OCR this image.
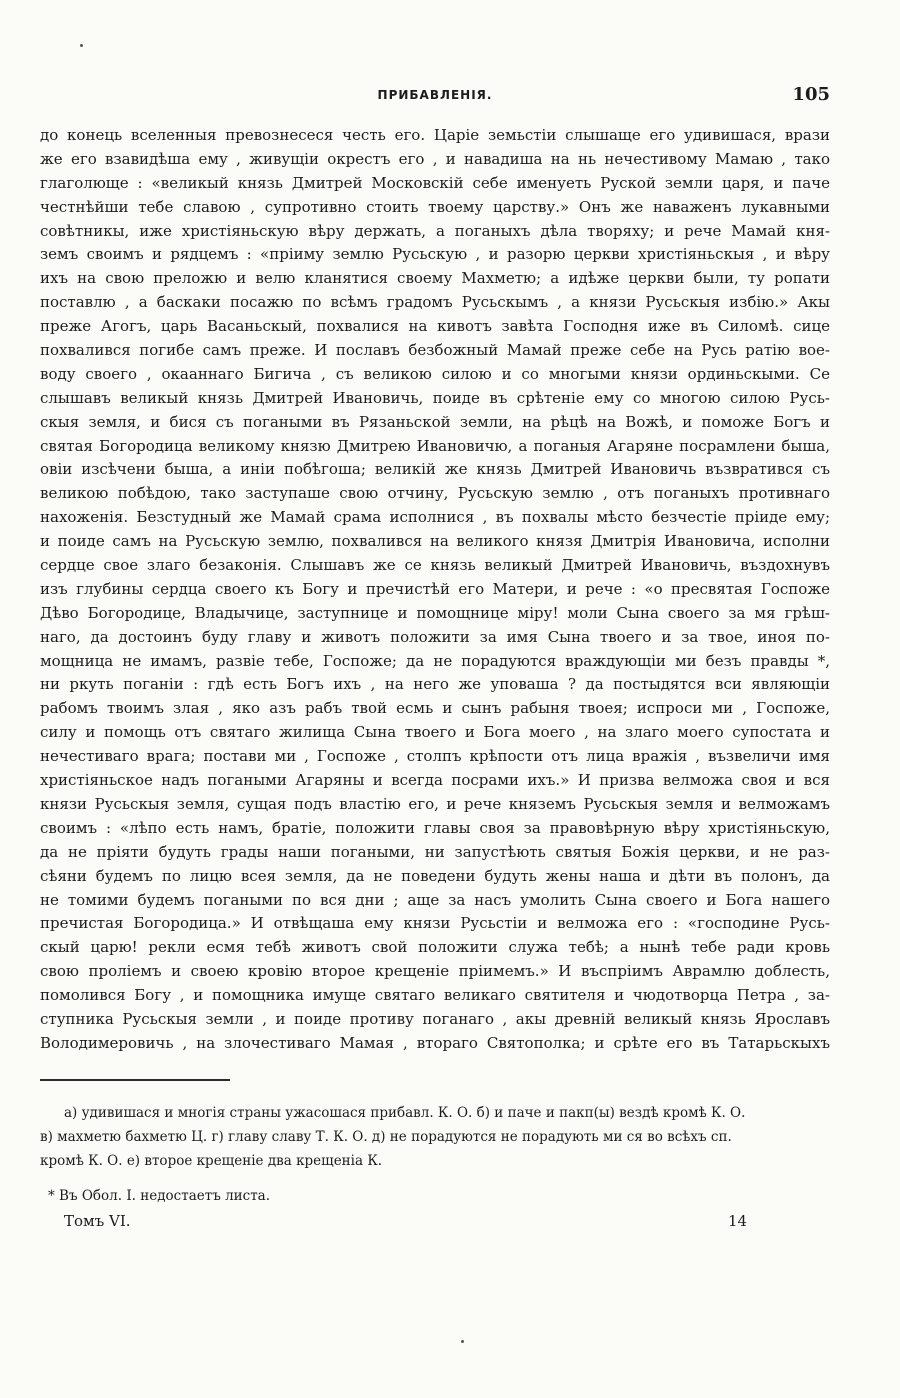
ПРИБАВЛЕНІЯ.	105
до конець вселенныя превознесеся честь его. Царіе земьстіи слышаще его удивишася, врази
же его взавидѣша ему , живущіи окрестъ его , и навадиша на нь нечестивому Мамаю , тако
глаголюще : «великый князь Дмитрей Московскій себе именуеть Руской земли царя, и паче
честнѣйши тебе славою , супротивно стоить твоему царству.» Онъ же наваженъ лукавными
совѣтникы, иже христіяньскую вѣру держать, а поганыхъ дѣла творяху; и рече Мамай кня-
земъ своимъ и рядцемъ : «пріиму землю Русьскую , и разорю церкви христіяньскыя , и вѣру
ихъ на свою преложю и велю кланятися своему Махметю; а идѣже церкви были, ту ропати
поставлю , а баскаки посажю по всѣмъ градомъ Русьскымъ , а князи Русьскыя избію.» Акы
преже Агогъ, царь Васаньскый, похвалися на кивотъ завѣта Господня иже въ Силомѣ. сице
похвалився погибе самъ преже. И пославъ безбожный Мамай преже себе на Русь ратію вое-
воду своего , окааннаго Бигича , съ великою силою и со многыми князи ординьскыми. Се
слышавъ великый князь Дмитрей Ивановичь, поиде въ срѣтеніе ему со многою силою Русь-
скыя земля, и бися съ погаными въ Рязаньской земли, на рѣцѣ на Вожѣ, и поможе Богъ и
святая Богородица великому князю Дмитрею Ивановичю, а поганыя Агаряне посрамлени быша,
овіи изсѣчени быша, а иніи побѣгоша; великій же князь Дмитрей Ивановичь възвратився съ
великою побѣдою, тако заступаше свою отчину, Русьскую землю , отъ поганыхъ противнаго
нахоженія. Безстудный же Мамай срама исполнися , въ похвалы мѣсто безчестіе пріиде ему;
и поиде самъ на Русьскую землю, похвалився на великого князя Дмитрія Ивановича, исполни
сердце свое злаго безаконія. Слышавъ же се князь великый Дмитрей Ивановичь, въздохнувъ
изъ глубины сердца своего къ Богу и пречистѣй его Матери, и рече : «о пресвятая Госпоже
Дѣво Богородице, Владычице, заступнице и помощнице міру! моли Сына своего за мя грѣш-
наго, да достоинъ буду главу и животъ положити за имя Сына твоего и за твое, иноя по-
мощница не имамъ, развіе тебе, Госпоже; да не порадуются враждующіи ми безъ правды *,
ни ркуть поганіи : гдѣ есть Богъ ихъ , на него же уповаша ? да постыдятся вси являющіи
рабомъ твоимъ злая , яко азъ рабъ твой есмь и сынъ рабыня твоея; испроси ми , Госпоже,
силу и помощь отъ святаго жилища Сына твоего и Бога моего , на злаго моего супостата и
нечестиваго врага; постави ми , Госпоже , столпъ крѣпости отъ лица вражія , възвеличи имя
христіяньское надъ погаными Агаряны и всегда посрами ихъ.» И призва велможа своя и вся
князи Русьскыя земля, сущая подъ властію его, и рече княземъ Русьскыя земля и велможамъ
своимъ : «лѣпо есть намъ, братіе, положити главы своя за правовѣрную вѣру христіяньскую,
да не пріяти будуть грады наши погаными, ни запустѣють святыя Божія церкви, и не раз-
сѣяни будемъ по лицю всея земля, да не поведени будуть жены наша и дѣти въ полонъ, да
не томими будемъ погаными по вся дни ; аще за насъ умолить Сына своего и Бога нашего
пречистая Богородица.» И отвѣщаша ему князи Русьстіи и велможа его : «господине Русь-
скый царю! рекли есмя тебѣ животъ свой положити служа тебѣ; а нынѣ тебе ради кровь
свою пролiемъ и своею кровію второе крещеніе пріимемъ.» И въспріимъ Аврамлю доблесть,
помолився Богу , и помощника имуще святаго великаго святителя и чюдотворца Петра , за-
ступника Русьскыя земли , и поиде противу поганаго , акы древній великый князь Ярославъ
Володимеровичь , на злочестиваго Мамая , втораго Святополка; и срѣте его въ Татарьскыхъ
а) удивишася и многія страны ужасошася прибавл. К. О. б) и паче и пакп(ы) вездѣ кромѣ К. О.
в) махметю бахметю Ц. г) главу славу Т. К. О. д) не порадуются не порадують ми ся во всѣхъ сп.
кромѣ К. О. е) второе крещеніе два крещенiа К.
* Въ Обол. I. недостаетъ листа.
Томъ VI.	14
